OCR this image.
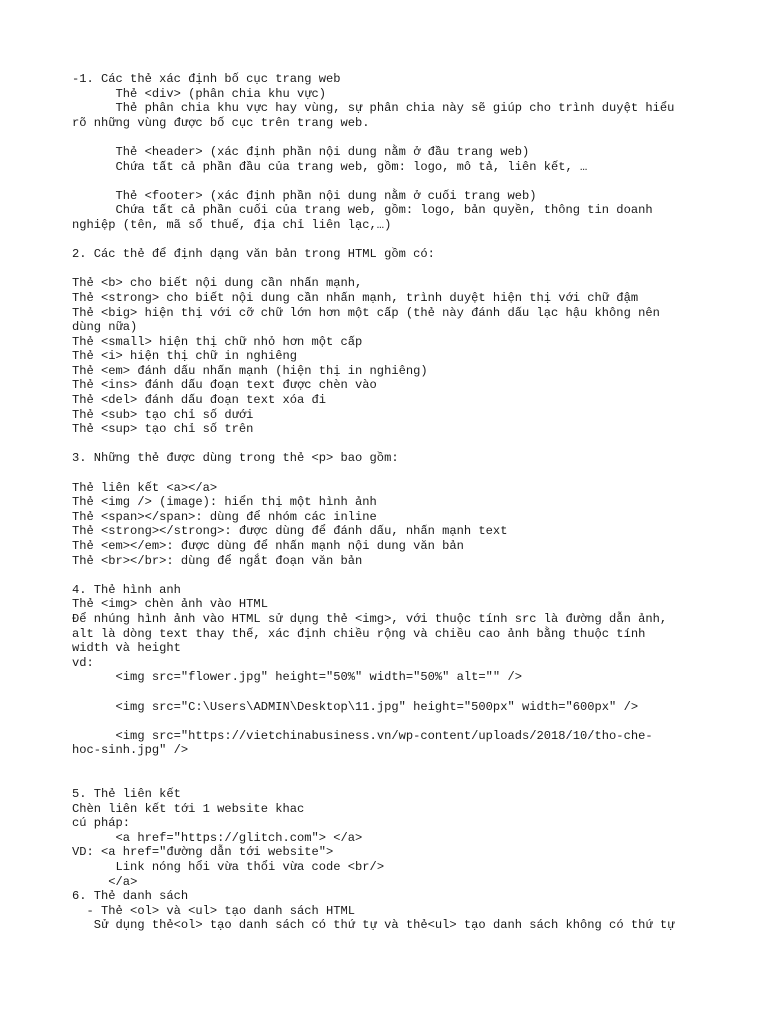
-1. Các thẻ xác định bố cục trang web
Thẻ <div> (phân chia khu vực)
Thẻ phân chia khu vực hay vùng, sự phân chia này sẽ giúp cho trình duyệt hiểu
rõ những vùng được bố cục trên trang web.
Thẻ <header> (xác định phần nội dung nằm ở đầu trang web)
Chứa tất cả phần đầu của trang web, gồm: logo, mô tả, liên kết, …
Thẻ <footer> (xác định phần nội dung nằm ở cuối trang web)
Chứa tất cả phần cuối của trang web, gồm: logo, bản quyền, thông tin doanh
nghiệp (tên, mã số thuế, địa chỉ liên lạc,…)
2. Các thẻ để định dạng văn bản trong HTML gồm có:
Thẻ <b> cho biết nội dung cần nhấn mạnh,
Thẻ <strong> cho biết nội dung cần nhấn mạnh, trình duyệt hiện thị với chữ đậm
Thẻ <big> hiện thị với cỡ chữ lớn hơn một cấp (thẻ này đánh dấu lạc hậu không nên
dùng nữa)
Thẻ <small> hiện thị chữ nhỏ hơn một cấp
Thẻ <i> hiện thị chữ in nghiêng
Thẻ <em> đánh dấu nhấn mạnh (hiện thị in nghiêng)
Thẻ <ins> đánh dấu đoạn text được chèn vào
Thẻ <del> đánh dấu đoạn text xóa đi
Thẻ <sub> tạo chỉ số dưới
Thẻ <sup> tạo chỉ số trên
3. Những thẻ được dùng trong thẻ <p> bao gồm:
Thẻ liên kết <a></a>
Thẻ <img /> (image): hiển thị một hình ảnh
Thẻ <span></span>: dùng để nhóm các inline
Thẻ <strong></strong>: được dùng để đánh dấu, nhấn mạnh text
Thẻ <em></em>: được dùng để nhấn mạnh nội dung văn bản
Thẻ <br></br>: dùng để ngắt đoạn văn bản
4. Thẻ hình anh
Thẻ <img> chèn ảnh vào HTML
Để nhúng hình ảnh vào HTML sử dụng thẻ <img>, với thuộc tính src là đường dẫn ảnh,
alt là dòng text thay thế, xác định chiều rộng và chiều cao ảnh bằng thuộc tính
width và height
vd:
<img src="flower.jpg" height="50%" width="50%" alt="" />
<img src="C:\Users\ADMIN\Desktop\11.jpg" height="500px" width="600px" />
<img src="https://vietchinabusiness.vn/wp-content/uploads/2018/10/tho-che-
hoc-sinh.jpg" />
5. Thẻ liên kết
Chèn liên kết tới 1 website khac
cú pháp:
<a href="https://glitch.com"> </a>
VD: <a href="đường dẫn tới website">
Link nóng hổi vừa thổi vừa code <br/>
</a>
6. Thẻ danh sách
- Thẻ <ol> và <ul> tạo danh sách HTML
Sử dụng thẻ<ol> tạo danh sách có thứ tự và thẻ<ul> tạo danh sách không có thứ tự
